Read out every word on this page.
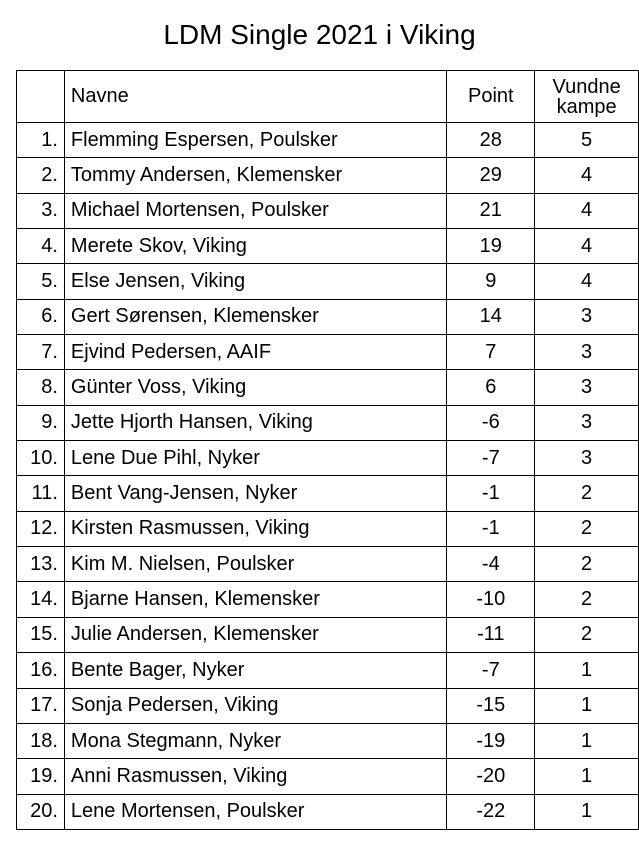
LDM Single 2021 i Viking
	Navne	Point	Vundne
kampe

1.	Flemming Espersen, Poulsker	28	5
2.	Tommy Andersen, Klemensker	29	4
3.	Michael Mortensen, Poulsker	21	4
4.	Merete Skov, Viking	19	4
5.	Else Jensen, Viking	9	4
6.	Gert Sørensen, Klemensker	14	3
7.	Ejvind Pedersen, AAIF	7	3
8.	Günter Voss, Viking	6	3
9.	Jette Hjorth Hansen, Viking	-6	3
10.	Lene Due Pihl, Nyker	-7	3
11.	Bent Vang-Jensen, Nyker	-1	2
12.	Kirsten Rasmussen, Viking	-1	2
13.	Kim M. Nielsen, Poulsker	-4	2
14.	Bjarne Hansen, Klemensker	-10	2
15.	Julie Andersen, Klemensker	-11	2
16.	Bente Bager, Nyker	-7	1
17.	Sonja Pedersen, Viking	-15	1
18.	Mona Stegmann, Nyker	-19	1
19.	Anni Rasmussen, Viking	-20	1
20.	Lene Mortensen, Poulsker	-22	1
